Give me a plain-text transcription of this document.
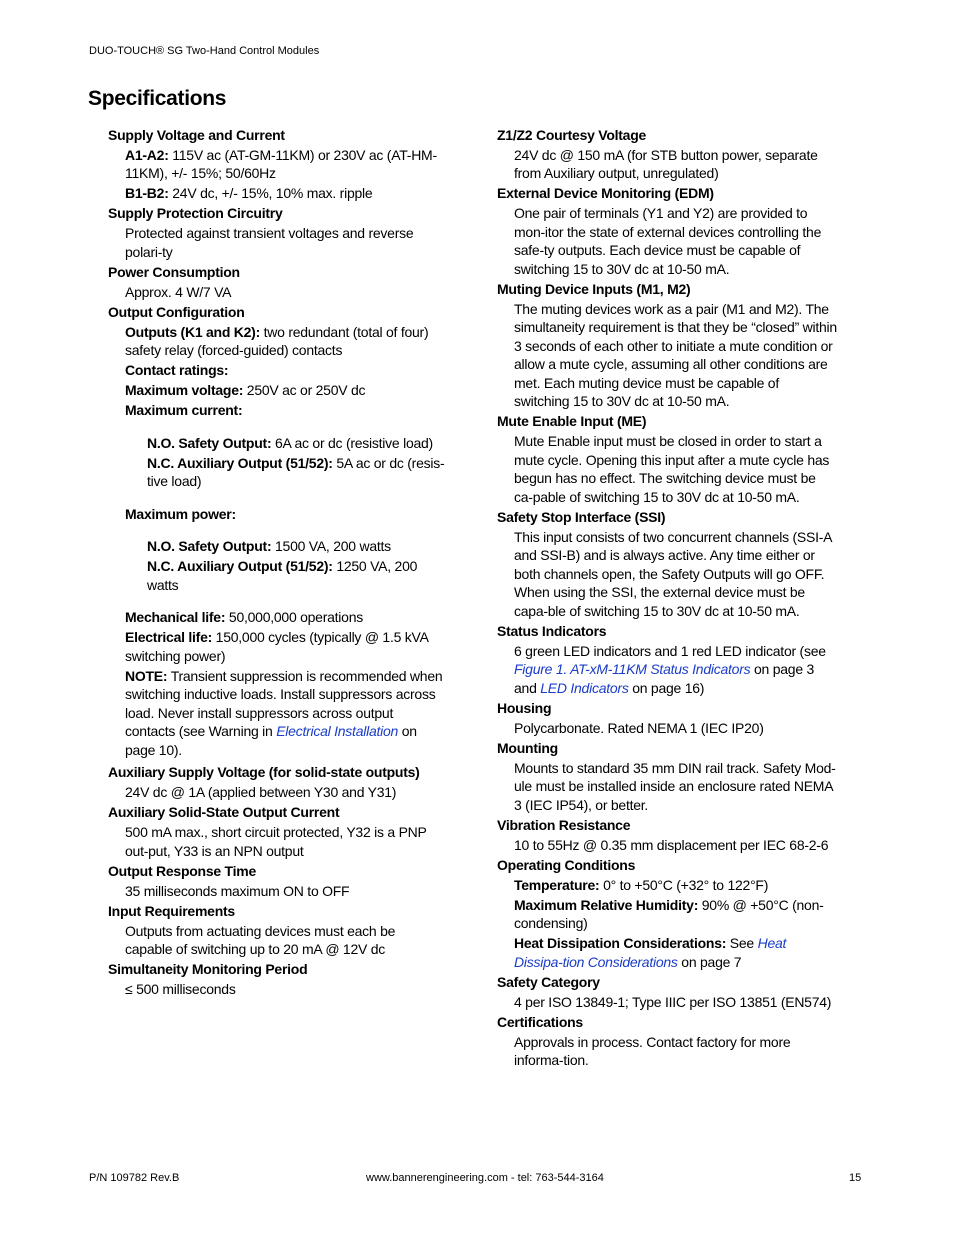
DUO-TOUCH® SG Two-Hand Control Modules
Specifications
Supply Voltage and Current
A1-A2: 115V ac (AT-GM-11KM) or 230V ac (AT-HM-11KM), +/- 15%; 50/60Hz
B1-B2: 24V dc, +/- 15%, 10% max. ripple
Supply Protection Circuitry
Protected against transient voltages and reverse polari-ty
Power Consumption
Approx. 4 W/7 VA
Output Configuration
Outputs (K1 and K2): two redundant (total of four) safety relay (forced-guided) contacts
Contact ratings:
Maximum voltage: 250V ac or 250V dc
Maximum current:
N.O. Safety Output: 6A ac or dc (resistive load)
N.C. Auxiliary Output (51/52): 5A ac or dc (resis-tive load)
Maximum power:
N.O. Safety Output: 1500 VA, 200 watts
N.C. Auxiliary Output (51/52): 1250 VA, 200 watts
Mechanical life: 50,000,000 operations
Electrical life: 150,000 cycles (typically @ 1.5 kVA switching power)
NOTE: Transient suppression is recommended when switching inductive loads. Install suppressors across load. Never install suppressors across output contacts (see Warning in Electrical Installation on page 10).
Auxiliary Supply Voltage (for solid-state outputs)
24V dc @ 1A (applied between Y30 and Y31)
Auxiliary Solid-State Output Current
500 mA max., short circuit protected, Y32 is a PNP out-put, Y33 is an NPN output
Output Response Time
35 milliseconds maximum ON to OFF
Input Requirements
Outputs from actuating devices must each be capable of switching up to 20 mA @ 12V dc
Simultaneity Monitoring Period
≤ 500 milliseconds
Z1/Z2 Courtesy Voltage
24V dc @ 150 mA (for STB button power, separate from Auxiliary output, unregulated)
External Device Monitoring (EDM)
One pair of terminals (Y1 and Y2) are provided to mon-itor the state of external devices controlling the safe-ty outputs. Each device must be capable of switching 15 to 30V dc at 10-50 mA.
Muting Device Inputs (M1, M2)
The muting devices work as a pair (M1 and M2). The simultaneity requirement is that they be “closed” within 3 seconds of each other to initiate a mute condition or allow a mute cycle, assuming all other conditions are met. Each muting device must be capable of switching 15 to 30V dc at 10-50 mA.
Mute Enable Input (ME)
Mute Enable input must be closed in order to start a mute cycle. Opening this input after a mute cycle has begun has no effect. The switching device must be ca-pable of switching 15 to 30V dc at 10-50 mA.
Safety Stop Interface (SSI)
This input consists of two concurrent channels (SSI-A and SSI-B) and is always active. Any time either or both channels open, the Safety Outputs will go OFF. When using the SSI, the external device must be capa-ble of switching 15 to 30V dc at 10-50 mA.
Status Indicators
6 green LED indicators and 1 red LED indicator (see Figure 1. AT-xM-11KM Status Indicators on page 3 and LED Indicators on page 16)
Housing
Polycarbonate. Rated NEMA 1 (IEC IP20)
Mounting
Mounts to standard 35 mm DIN rail track. Safety Mod-ule must be installed inside an enclosure rated NEMA 3 (IEC IP54), or better.
Vibration Resistance
10 to 55Hz @ 0.35 mm displacement per IEC 68-2-6
Operating Conditions
Temperature: 0° to +50°C (+32° to 122°F)
Maximum Relative Humidity: 90% @ +50°C (non-condensing)
Heat Dissipation Considerations: See Heat Dissipa-tion Considerations on page 7
Safety Category
4 per ISO 13849-1; Type IIIC per ISO 13851 (EN574)
Certifications
Approvals in process. Contact factory for more informa-tion.
P/N 109782 Rev.B	www.bannerengineering.com - tel: 763-544-3164	15
